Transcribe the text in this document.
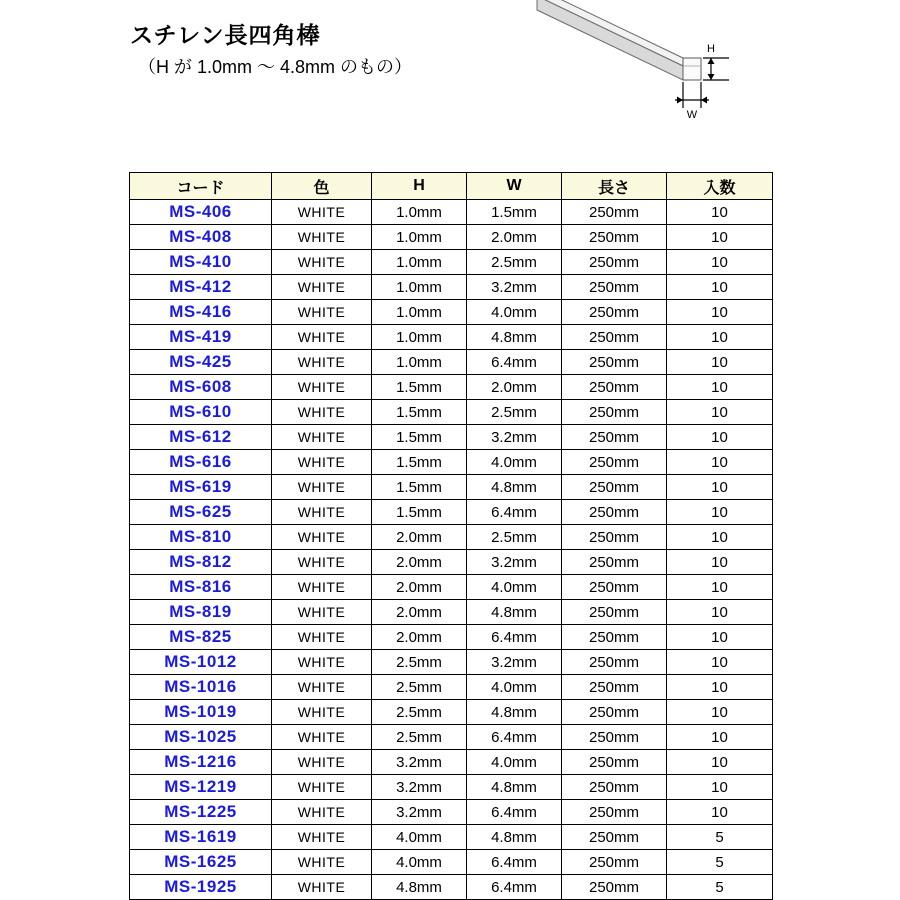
スチレン長四角棒
（H が 1.0mm 〜 4.8mm のもの）
H
W
コード	色	H	W	長さ	入数
MS-406	WHITE	1.0mm	1.5mm	250mm	10
MS-408	WHITE	1.0mm	2.0mm	250mm	10
MS-410	WHITE	1.0mm	2.5mm	250mm	10
MS-412	WHITE	1.0mm	3.2mm	250mm	10
MS-416	WHITE	1.0mm	4.0mm	250mm	10
MS-419	WHITE	1.0mm	4.8mm	250mm	10
MS-425	WHITE	1.0mm	6.4mm	250mm	10
MS-608	WHITE	1.5mm	2.0mm	250mm	10
MS-610	WHITE	1.5mm	2.5mm	250mm	10
MS-612	WHITE	1.5mm	3.2mm	250mm	10
MS-616	WHITE	1.5mm	4.0mm	250mm	10
MS-619	WHITE	1.5mm	4.8mm	250mm	10
MS-625	WHITE	1.5mm	6.4mm	250mm	10
MS-810	WHITE	2.0mm	2.5mm	250mm	10
MS-812	WHITE	2.0mm	3.2mm	250mm	10
MS-816	WHITE	2.0mm	4.0mm	250mm	10
MS-819	WHITE	2.0mm	4.8mm	250mm	10
MS-825	WHITE	2.0mm	6.4mm	250mm	10
MS-1012	WHITE	2.5mm	3.2mm	250mm	10
MS-1016	WHITE	2.5mm	4.0mm	250mm	10
MS-1019	WHITE	2.5mm	4.8mm	250mm	10
MS-1025	WHITE	2.5mm	6.4mm	250mm	10
MS-1216	WHITE	3.2mm	4.0mm	250mm	10
MS-1219	WHITE	3.2mm	4.8mm	250mm	10
MS-1225	WHITE	3.2mm	6.4mm	250mm	10
MS-1619	WHITE	4.0mm	4.8mm	250mm	5
MS-1625	WHITE	4.0mm	6.4mm	250mm	5
MS-1925	WHITE	4.8mm	6.4mm	250mm	5
